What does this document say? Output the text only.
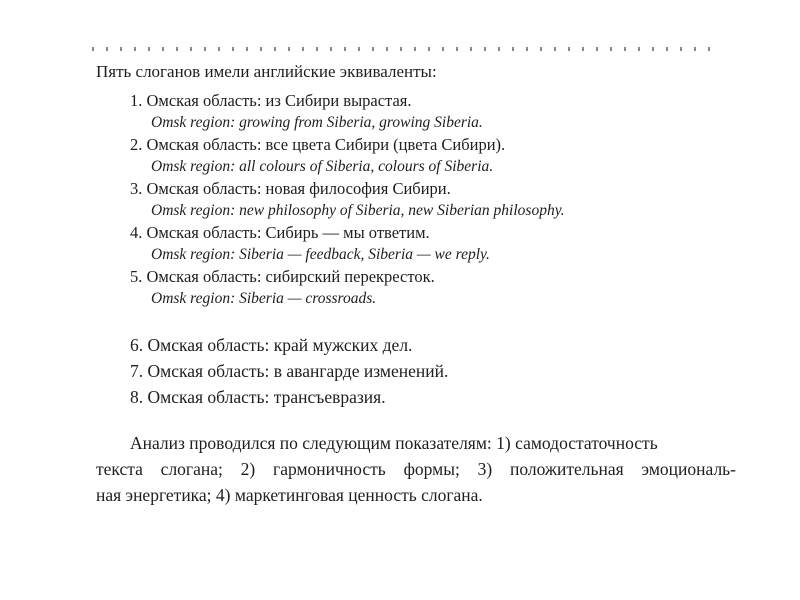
Пять слоганов имели английские эквиваленты:
1. Омская область: из Сибири вырастая.
Omsk region: growing from Siberia, growing Siberia.
2. Омская область: все цвета Сибири (цвета Сибири).
Omsk region: all colours of Siberia, colours of Siberia.
3. Омская область: новая философия Сибири.
Omsk region: new philosophy of Siberia, new Siberian philosophy.
4. Омская область: Сибирь — мы ответим.
Omsk region: Siberia — feedback, Siberia — we reply.
5. Омская область: сибирский перекресток.
Omsk region: Siberia — crossroads.
6. Омская область: край мужских дел.
7. Омская область: в авангарде изменений.
8. Омская область: трансъевразия.
Анализ проводился по следующим показателям: 1) самодостаточность
текста слогана; 2) гармоничность формы; 3) положительная эмоциональ-
ная энергетика; 4) маркетинговая ценность слогана.
